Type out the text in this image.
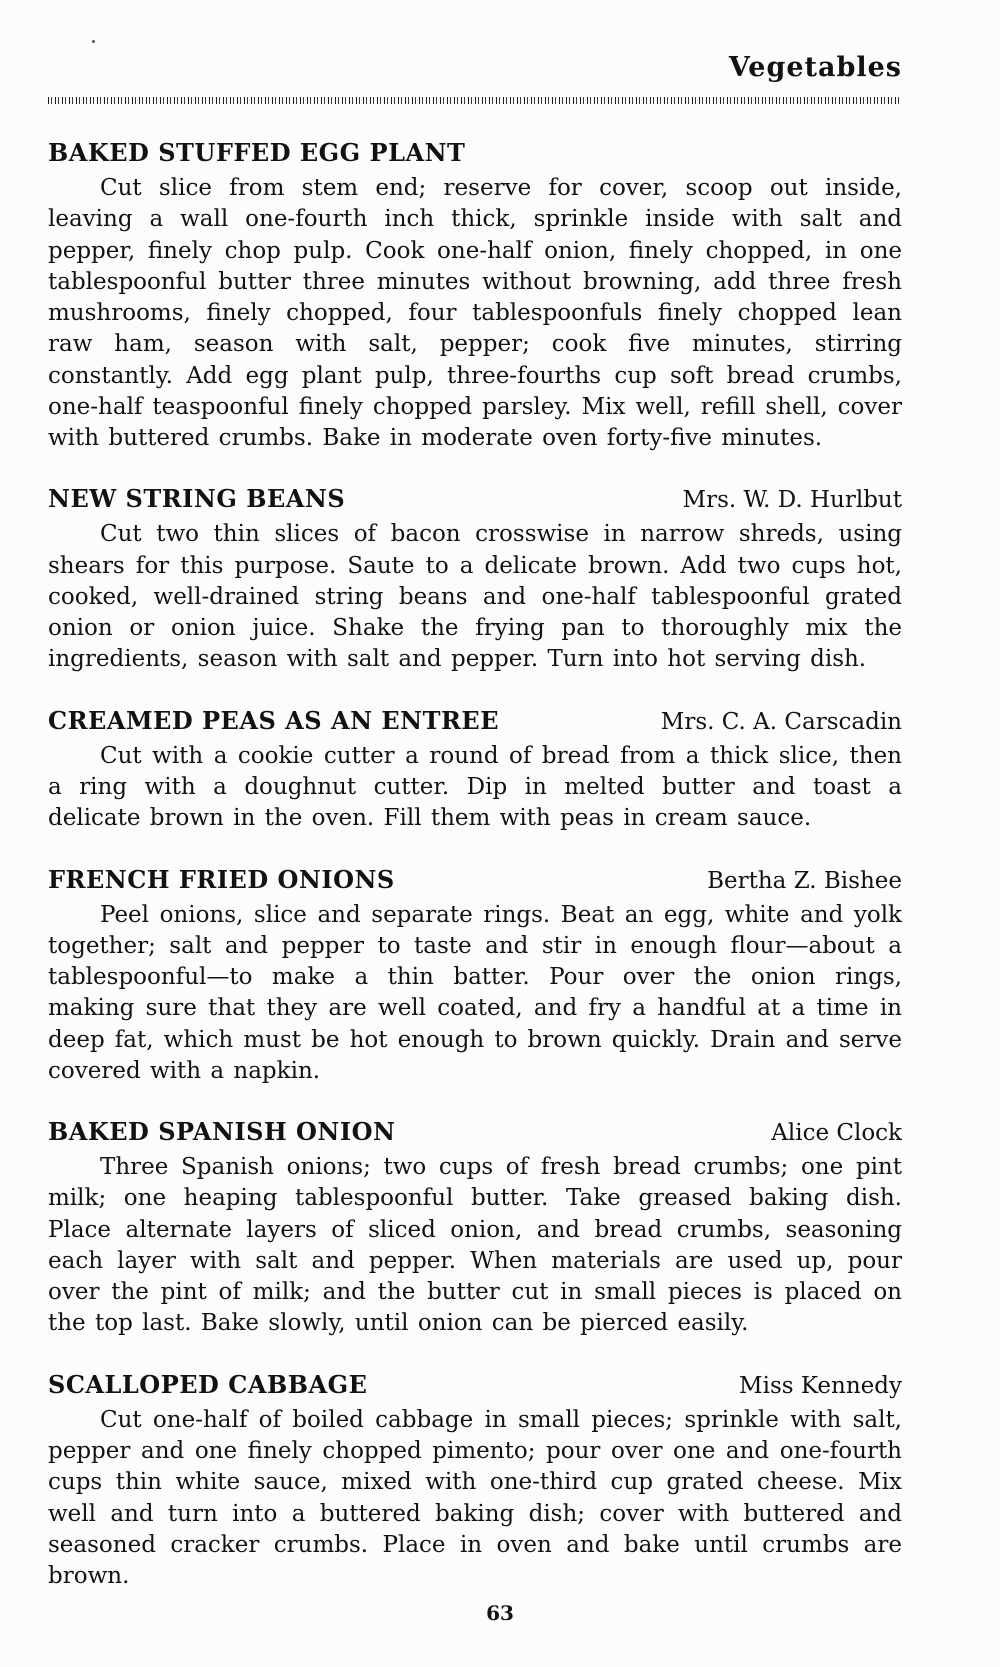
Vegetables
BAKED STUFFED EGG PLANT

Cut slice from stem end; reserve for cover, scoop out inside, leaving a wall one-fourth inch thick, sprinkle inside with salt and pepper, finely chop pulp. Cook one-half onion, finely chopped, in one tablespoonful butter three minutes without browning, add three fresh mushrooms, finely chopped, four tablespoonfuls finely chopped lean raw ham, season with salt, pepper; cook five minutes, stirring constantly. Add egg plant pulp, three-fourths cup soft bread crumbs, one-half teaspoonful finely chopped parsley. Mix well, refill shell, cover with buttered crumbs. Bake in moderate oven forty-five minutes.

NEW STRING BEANS	Mrs. W. D. Hurlbut

Cut two thin slices of bacon crosswise in narrow shreds, using shears for this purpose. Saute to a delicate brown. Add two cups hot, cooked, well-drained string beans and one-half tablespoonful grated onion or onion juice. Shake the frying pan to thoroughly mix the ingredients, season with salt and pepper. Turn into hot serving dish.

CREAMED PEAS AS AN ENTREE	Mrs. C. A. Carscadin

Cut with a cookie cutter a round of bread from a thick slice, then a ring with a doughnut cutter. Dip in melted butter and toast a delicate brown in the oven. Fill them with peas in cream sauce.

FRENCH FRIED ONIONS	Bertha Z. Bishee

Peel onions, slice and separate rings. Beat an egg, white and yolk together; salt and pepper to taste and stir in enough flour—about a tablespoonful—to make a thin batter. Pour over the onion rings, making sure that they are well coated, and fry a handful at a time in deep fat, which must be hot enough to brown quickly. Drain and serve covered with a napkin.

BAKED SPANISH ONION	Alice Clock

Three Spanish onions; two cups of fresh bread crumbs; one pint milk; one heaping tablespoonful butter. Take greased baking dish. Place alternate layers of sliced onion, and bread crumbs, seasoning each layer with salt and pepper. When materials are used up, pour over the pint of milk; and the butter cut in small pieces is placed on the top last. Bake slowly, until onion can be pierced easily.

SCALLOPED CABBAGE	Miss Kennedy

Cut one-half of boiled cabbage in small pieces; sprinkle with salt, pepper and one finely chopped pimento; pour over one and one-fourth cups thin white sauce, mixed with one-third cup grated cheese. Mix well and turn into a buttered baking dish; cover with buttered and seasoned cracker crumbs. Place in oven and bake until crumbs are brown.

63
